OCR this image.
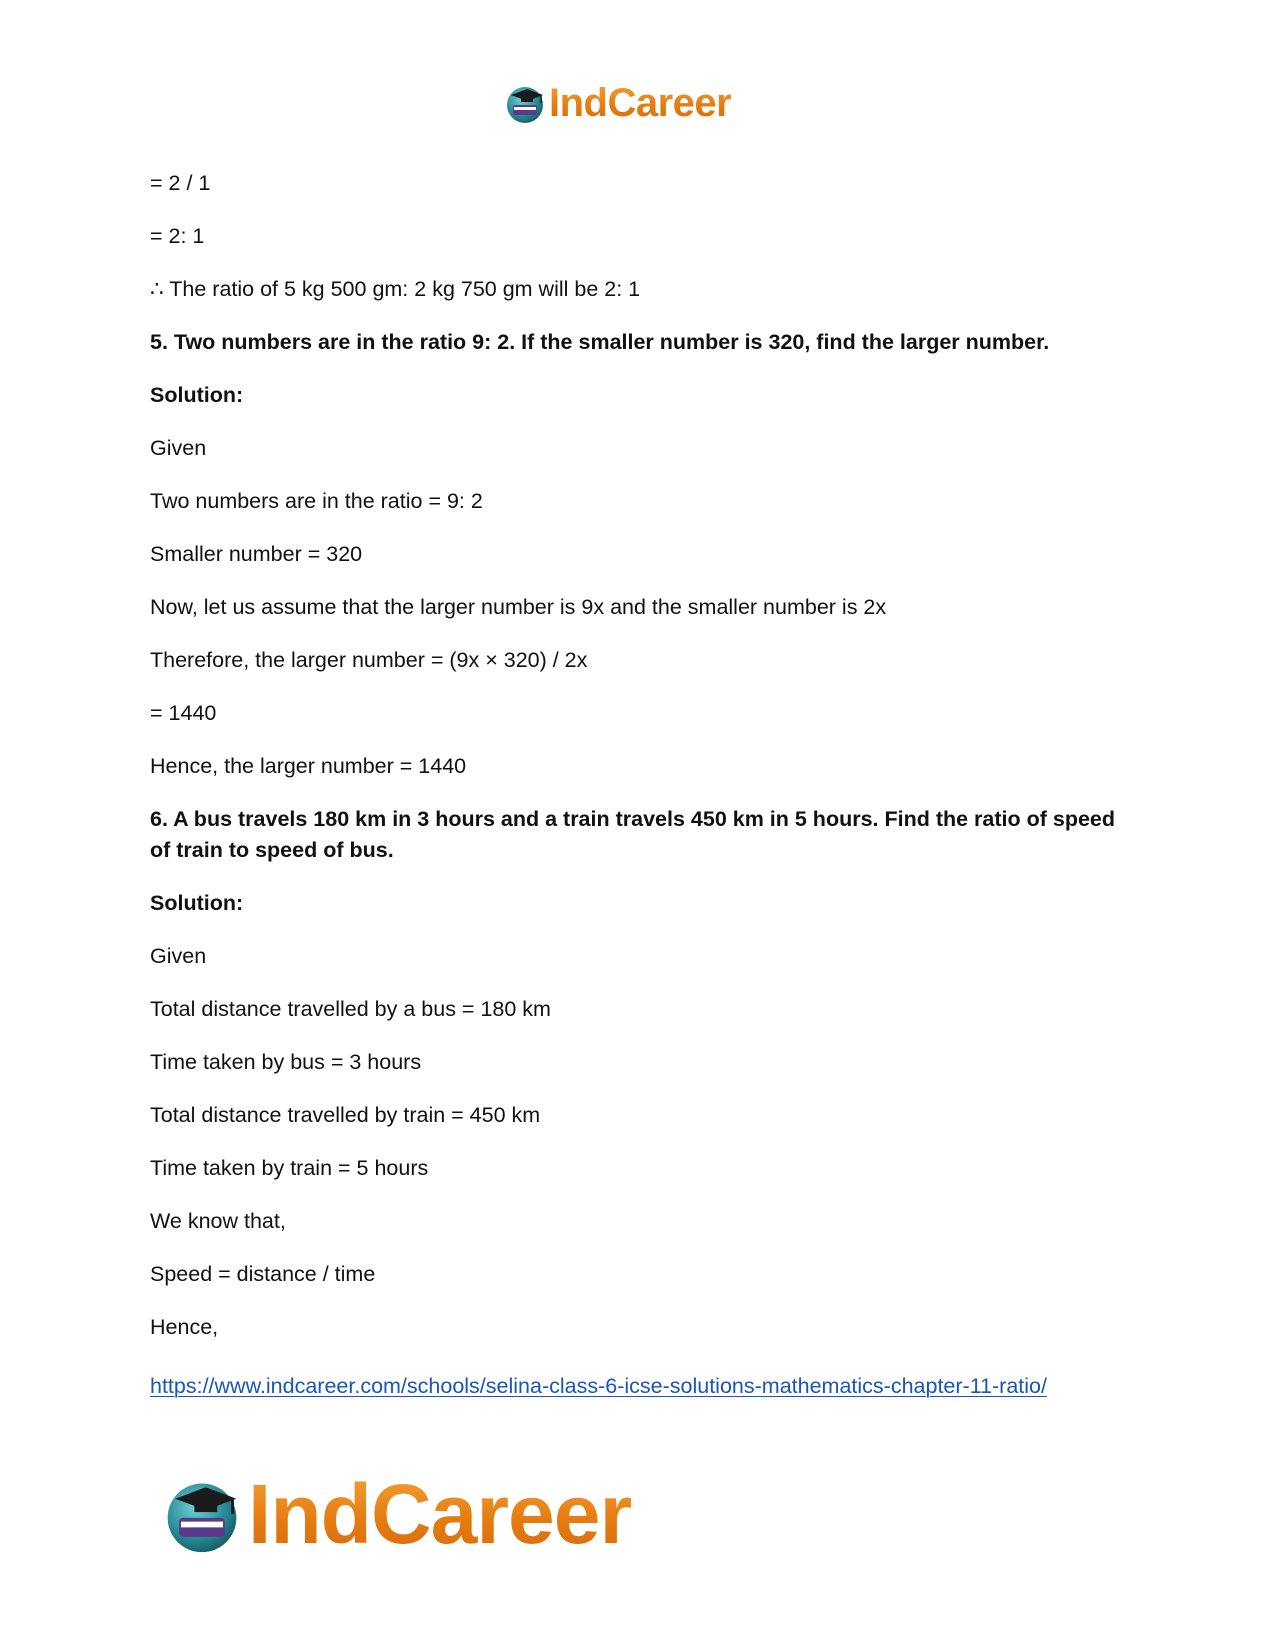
IndCareer
= 2 / 1
= 2: 1
∴ The ratio of 5 kg 500 gm: 2 kg 750 gm will be 2: 1
5. Two numbers are in the ratio 9: 2. If the smaller number is 320, find the larger number.
Solution:
Given
Two numbers are in the ratio = 9: 2
Smaller number = 320
Now, let us assume that the larger number is 9x and the smaller number is 2x
Therefore, the larger number = (9x × 320) / 2x
= 1440
Hence, the larger number = 1440
6. A bus travels 180 km in 3 hours and a train travels 450 km in 5 hours. Find the ratio of speed of train to speed of bus.
Solution:
Given
Total distance travelled by a bus = 180 km
Time taken by bus = 3 hours
Total distance travelled by train = 450 km
Time taken by train = 5 hours
We know that,
Speed = distance / time
Hence,
https://www.indcareer.com/schools/selina-class-6-icse-solutions-mathematics-chapter-11-ratio/
IndCareer
